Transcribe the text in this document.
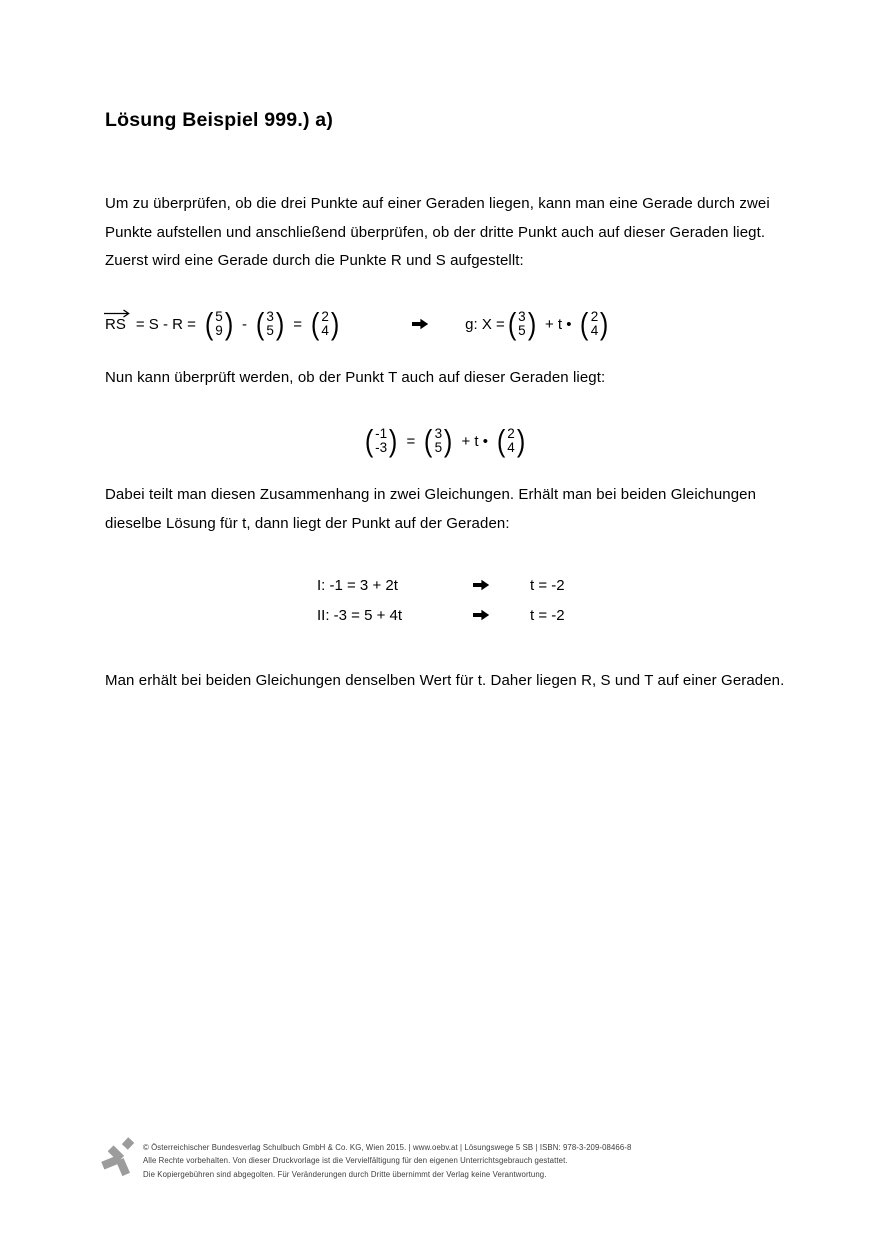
Lösung Beispiel 999.) a)
Um zu überprüfen, ob die drei Punkte auf einer Geraden liegen, kann man eine Gerade durch zwei
Punkte aufstellen und anschließend überprüfen, ob der dritte Punkt auch auf dieser Geraden liegt.
Zuerst wird eine Gerade durch die Punkte R und S aufgestellt:
RS = S - R = ( 5
9 ) - ( 3
5 ) = ( 2
4 )	g: X = ( 3
5 ) + t • ( 2
4 )
Nun kann überprüft werden, ob der Punkt T auch auf dieser Geraden liegt:
( -1
-3 ) = ( 3
5 ) + t • ( 2
4 )
Dabei teilt man diesen Zusammenhang in zwei Gleichungen. Erhält man bei beiden Gleichungen
dieselbe Lösung für t, dann liegt der Punkt auf der Geraden:
I: -1 = 3 + 2t	t = -2
II: -3 = 5 + 4t	t = -2
Man erhält bei beiden Gleichungen denselben Wert für t. Daher liegen R, S und T auf einer Geraden.
© Österreichischer Bundesverlag Schulbuch GmbH & Co. KG, Wien 2015. | www.oebv.at | Lösungswege 5 SB | ISBN: 978-3-209-08466-8
Alle Rechte vorbehalten. Von dieser Druckvorlage ist die Vervielfältigung für den eigenen Unterrichtsgebrauch gestattet.
Die Kopiergebühren sind abgegolten. Für Veränderungen durch Dritte übernimmt der Verlag keine Verantwortung.
